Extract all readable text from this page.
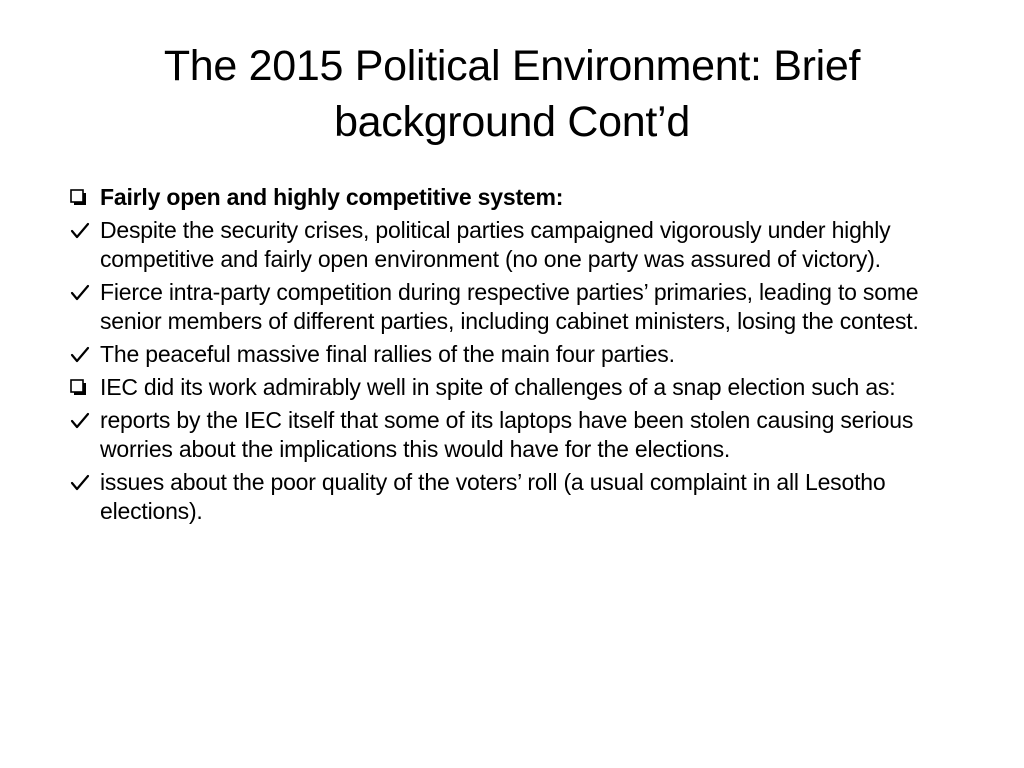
The 2015 Political Environment: Brief background Cont’d
Fairly open and highly competitive system:
Despite the security crises, political parties campaigned vigorously under highly competitive and fairly open environment (no one party was assured of victory).
Fierce intra-party competition during respective parties’ primaries, leading to some senior members of different parties, including cabinet ministers, losing the contest.
The peaceful massive final rallies of the main four parties.
IEC did its work admirably well in spite of challenges of a snap election such as:
reports by the IEC itself that some of its laptops have been stolen causing serious worries about the implications this would have for the elections.
issues about the poor quality of the voters’ roll (a usual complaint in all Lesotho elections).
